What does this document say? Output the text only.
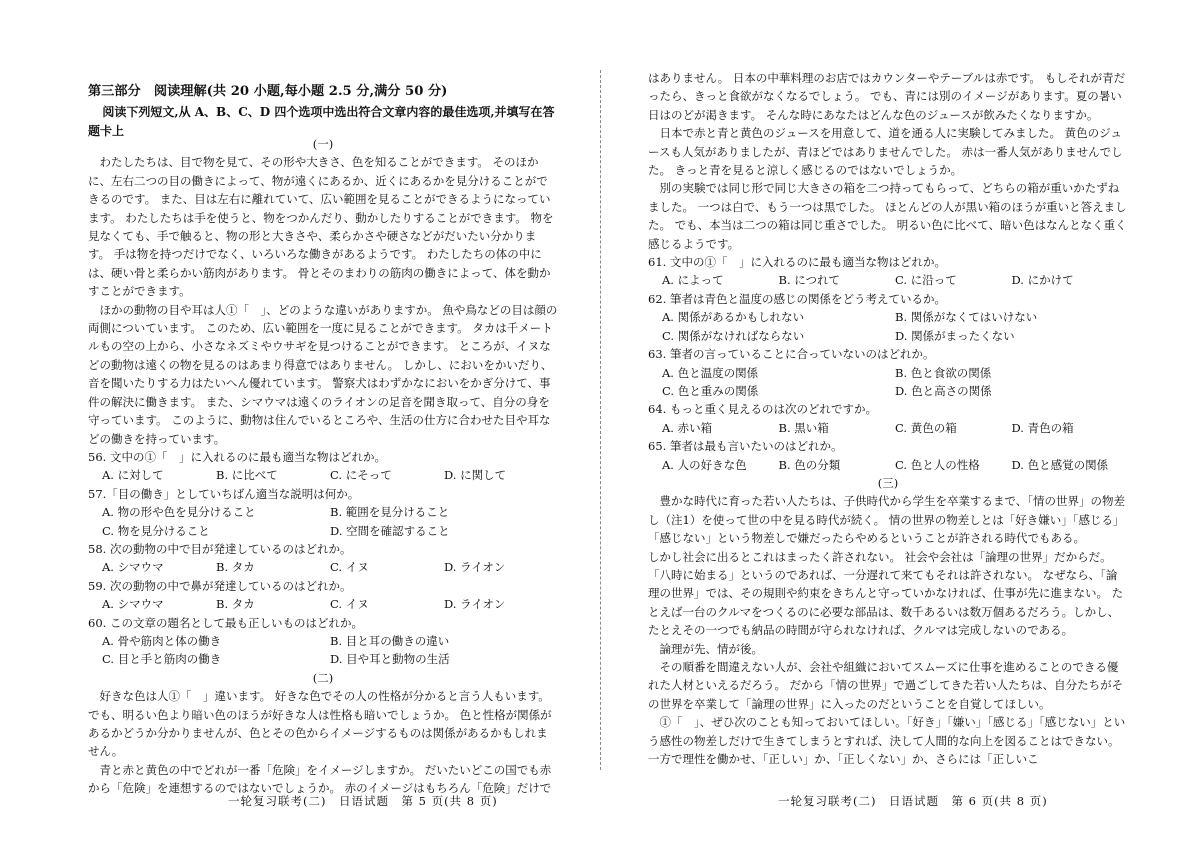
第三部分　阅读理解(共 20 小题,每小题 2.5 分,满分 50 分)
阅读下列短文,从 A、B、C、D 四个选项中选出符合文章内容的最佳选项,并填写在答题卡上
(一)

わたしたちは、目で物を見て、その形や大きさ、色を知ることができます。 そのほかに、左右二つの目の働きによって、物が遠くにあるか、近くにあるかを見分けることができるのです。 また、目は左右に離れていて、広い範囲を見ることができるようになっています。 わたしたちは手を使うと、物をつかんだり、動かしたりすることができます。 物を見なくても、手で触ると、物の形と大きさや、柔らかさや硬さなどがだいたい分かります。 手は物を持つだけでなく、いろいろな働きがあるようです。 わたしたちの体の中には、硬い骨と柔らかい筋肉があります。 骨とそのまわりの筋肉の働きによって、体を動かすことができます。

ほかの動物の目や耳は人①「　」、どのような違いがありますか。 魚や鳥などの目は顔の両側についています。 このため、広い範囲を一度に見ることができます。 タカは千メートルもの空の上から、小さなネズミやウサギを見つけることができます。 ところが、イヌなどの動物は遠くの物を見るのはあまり得意ではありません。 しかし、においをかいだり、音を聞いたりする力はたいへん優れています。 警察犬はわずかなにおいをかぎ分けて、事件の解決に働きます。 また、シマウマは遠くのライオンの足音を聞き取って、自分の身を守っています。 このように、動物は住んでいるところや、生活の仕方に合わせた目や耳などの働きを持っています。

56. 文中の①「　」に入れるのに最も適当な物はどれか。

A. に対して	B. に比べて	C. にそって	D. に関して

57.「目の働き」としていちばん適当な説明は何か。

A. 物の形や色を見分けること	B. 範囲を見分けること
C. 物を見分けること	D. 空間を確認すること

58. 次の動物の中で目が発達しているのはどれか。

A. シマウマ	B. タカ	C. イヌ	D. ライオン

59. 次の動物の中で鼻が発達しているのはどれか。

A. シマウマ	B. タカ	C. イヌ	D. ライオン

60. この文章の題名として最も正しいものはどれか。

A. 骨や筋肉と体の働き	B. 目と耳の働きの違い
C. 目と手と筋肉の働き	D. 目や耳と動物の生活
(二)

好きな色は人①「　」違います。 好きな色でその人の性格が分かると言う人もいます。でも、明るい色より暗い色のほうが好きな人は性格も暗いでしょうか。 色と性格が関係があるかどうか分かりませんが、色とその色からイメージするものは関係があるかもしれません。

青と赤と黄色の中でどれが一番「危険」をイメージしますか。 だいたいどこの国でも赤から「危険」を連想するのではないでしょうか。 赤のイメージはもちろん「危険」だけで

一轮复习联考(二)　日语试题　第 5 页(共 8 页)

はありません。 日本の中華料理のお店ではカウンターやテーブルは赤です。 もしそれが青だったら、きっと食欲がなくなるでしょう。 でも、青には別のイメージがあります。夏の暑い日はのどが渇きます。 そんな時にあなたはどんな色のジュースが飲みたくなりますか。

日本で赤と青と黄色のジュースを用意して、道を通る人に実験してみました。 黄色のジュースも人気がありましたが、青ほどではありませんでした。 赤は一番人気がありませんでした。 きっと青を見ると涼しく感じるのではないでしょうか。

別の実験では同じ形で同じ大きさの箱を二つ持ってもらって、どちらの箱が重いかたずねました。 一つは白で、もう一つは黒でした。 ほとんどの人が黒い箱のほうが重いと答えました。 でも、本当は二つの箱は同じ重さでした。 明るい色に比べて、暗い色はなんとなく重く感じるようです。

61. 文中の①「　」に入れるのに最も適当な物はどれか。

A. によって	B. につれて	C. に沿って	D. にかけて

62. 筆者は青色と温度の感じの関係をどう考えているか。

A. 関係があるかもしれない	B. 関係がなくてはいけない
C. 関係がなければならない	D. 関係がまったくない

63. 筆者の言っていることに合っていないのはどれか。

A. 色と温度の関係	B. 色と食欲の関係
C. 色と重みの関係	D. 色と高さの関係

64. もっと重く見えるのは次のどれですか。

A. 赤い箱	B. 黒い箱	C. 黄色の箱	D. 青色の箱

65. 筆者は最も言いたいのはどれか。

A. 人の好きな色	B. 色の分類	C. 色と人の性格	D. 色と感覚の関係
(三)

豊かな時代に育った若い人たちは、子供時代から学生を卒業するまで、「情の世界」の物差し（注1）を使って世の中を見る時代が続く。 情の世界の物差しとは「好き嫌い」「感じる」「感じない」という物差しで嫌だったらやめるということが許される時代でもある。

しかし社会に出るとこれはまったく許されない。 社会や会社は「論理の世界」だからだ。「八時に始まる」というのであれば、一分遅れて来てもそれは許されない。 なぜなら、「論理の世界」では、その規則や約束をきちんと守っていかなければ、仕事が先に進まない。 たとえば一台のクルマをつくるのに必要な部品は、数千あるいは数万個あるだろう。しかし、たとえその一つでも納品の時間が守られなければ、クルマは完成しないのである。

論理が先、情が後。

その順番を間違えない人が、会社や組織においてスムーズに仕事を進めることのできる優れた人材といえるだろう。 だから「情の世界」で過ごしてきた若い人たちは、自分たちがその世界を卒業して「論理の世界」に入ったのだということを自覚してほしい。

①「　」、ぜひ次のことも知っておいてほしい。「好き」「嫌い」「感じる」「感じない」という感性の物差しだけで生きてしまうとすれば、決して人間的な向上を図ることはできない。 一方で理性を働かせ、「正しい」か、「正しくない」か、さらには「正しいこ

一轮复习联考(二)　日语试题　第 6 页(共 8 页)
